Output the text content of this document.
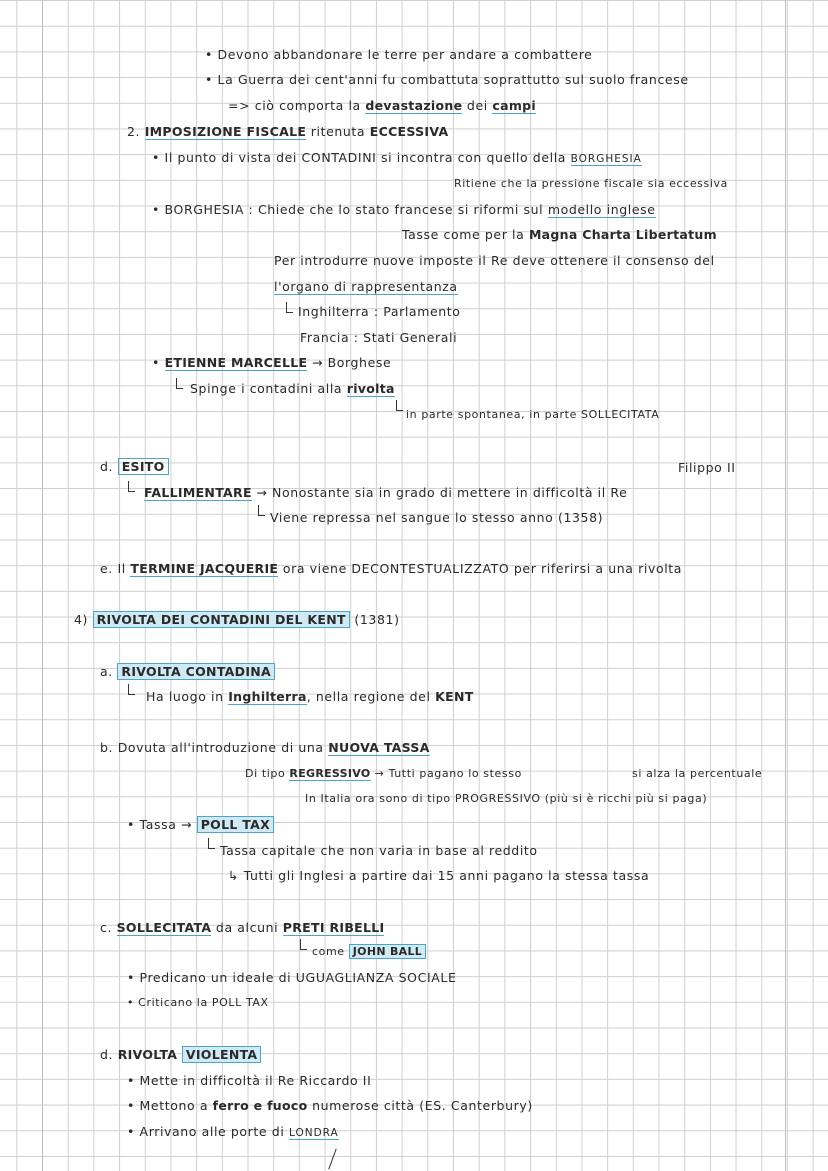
• Devono abbandonare le terre per andare a combattere
• La Guerra dei cent'anni fu combattuta soprattutto sul suolo francese
=> ciò comporta la devastazione dei campi
2. IMPOSIZIONE FISCALE ritenuta ECCESSIVA
• Il punto di vista dei CONTADINI si incontra con quello della BORGHESIA
Ritiene che la pressione fiscale sia eccessiva
• BORGHESIA : Chiede che lo stato francese si riformi sul modello inglese
Tasse come per la Magna Charta Libertatum
Per introdurre nuove imposte il Re deve ottenere il consenso del
l'organo di rappresentanza
Inghilterra : Parlamento
Francia : Stati Generali
• ETIENNE MARCELLE → Borghese
Spinge i contadini alla rivolta
in parte spontanea, in parte SOLLECITATA
Filippo II
d. ESITO
FALLIMENTARE → Nonostante sia in grado di mettere in difficoltà il Re
Viene repressa nel sangue lo stesso anno (1358)
e. Il TERMINE JACQUERIE ora viene DECONTESTUALIZZATO per riferirsi a una rivolta
4) RIVOLTA DEI CONTADINI DEL KENT (1381)
a. RIVOLTA CONTADINA
Ha luogo in Inghilterra, nella regione del KENT
b. Dovuta all'introduzione di una NUOVA TASSA
Di tipo REGRESSIVO → Tutti pagano lo stesso	si alza la percentuale
In Italia ora sono di tipo PROGRESSIVO (più si è ricchi più si paga)
• Tassa → POLL TAX
Tassa capitale che non varia in base al reddito
↳ Tutti gli Inglesi a partire dai 15 anni pagano la stessa tassa
c. SOLLECITATA da alcuni PRETI RIBELLI
come JOHN BALL
• Predicano un ideale di UGUAGLIANZA SOCIALE
• Criticano la POLL TAX
d. RIVOLTA VIOLENTA
• Mette in difficoltà il Re Riccardo II
• Mettono a ferro e fuoco numerose città (ES. Canterbury)
• Arrivano alle porte di LONDRA
